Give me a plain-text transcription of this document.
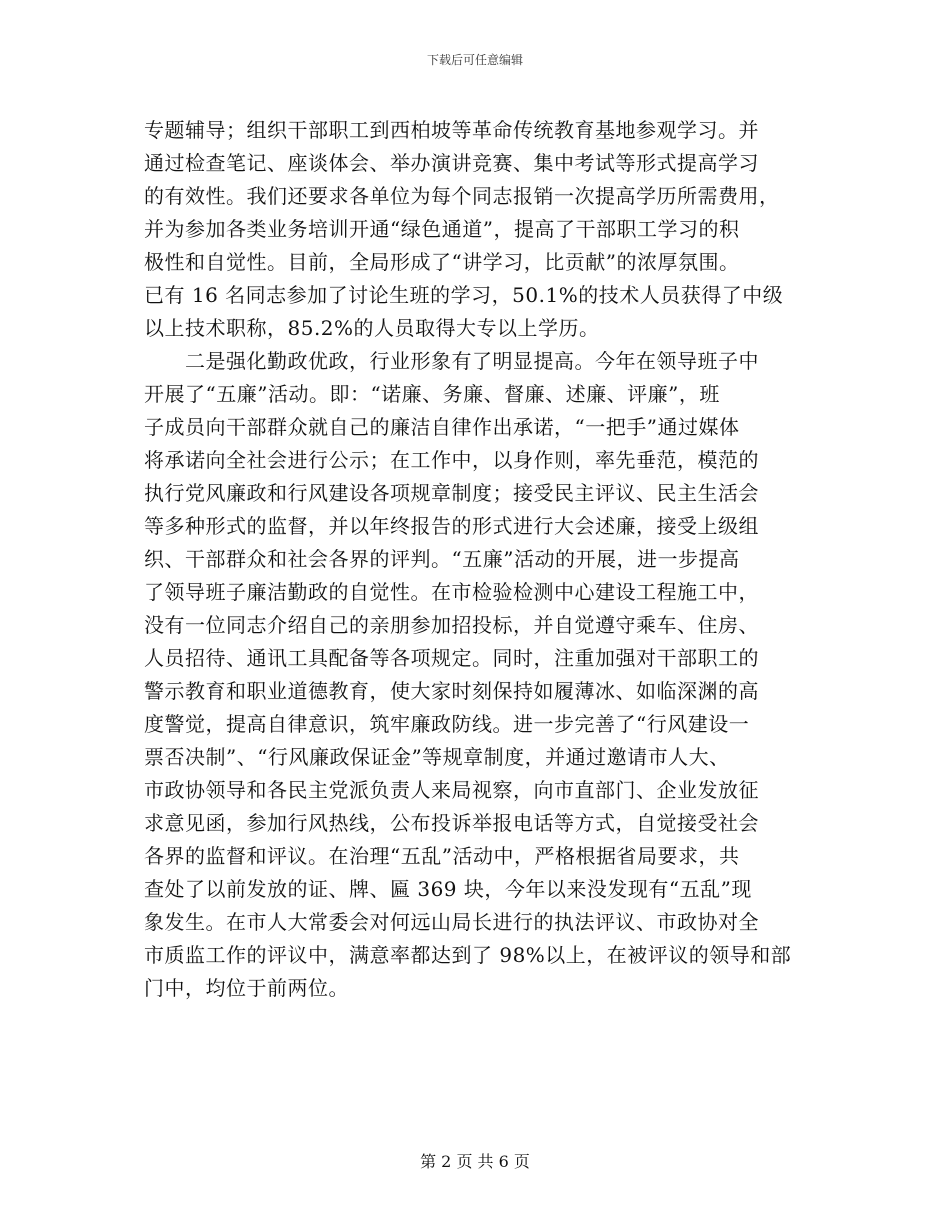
下载后可任意编辑
专题辅导；组织干部职工到西柏坡等革命传统教育基地参观学习。并
通过检查笔记、座谈体会、举办演讲竞赛、集中考试等形式提高学习
的有效性。我们还要求各单位为每个同志报销一次提高学历所需费用，
并为参加各类业务培训开通“绿色通道”，提高了干部职工学习的积
极性和自觉性。目前，全局形成了“讲学习，比贡献”的浓厚氛围。
已有 16 名同志参加了讨论生班的学习，50.1%的技术人员获得了中级
以上技术职称，85.2%的人员取得大专以上学历。
　　二是强化勤政优政，行业形象有了明显提高。今年在领导班子中
开展了“五廉”活动。即：“诺廉、务廉、督廉、述廉、评廉”，班
子成员向干部群众就自己的廉洁自律作出承诺，“一把手”通过媒体
将承诺向全社会进行公示；在工作中，以身作则，率先垂范，模范的
执行党风廉政和行风建设各项规章制度；接受民主评议、民主生活会
等多种形式的监督，并以年终报告的形式进行大会述廉，接受上级组
织、干部群众和社会各界的评判。“五廉”活动的开展，进一步提高
了领导班子廉洁勤政的自觉性。在市检验检测中心建设工程施工中，
没有一位同志介绍自己的亲朋参加招投标，并自觉遵守乘车、住房、
人员招待、通讯工具配备等各项规定。同时，注重加强对干部职工的
警示教育和职业道德教育，使大家时刻保持如履薄冰、如临深渊的高
度警觉，提高自律意识，筑牢廉政防线。进一步完善了“行风建设一
票否决制”、“行风廉政保证金”等规章制度，并通过邀请市人大、
市政协领导和各民主党派负责人来局视察，向市直部门、企业发放征
求意见函，参加行风热线，公布投诉举报电话等方式，自觉接受社会
各界的监督和评议。在治理“五乱”活动中，严格根据省局要求，共
查处了以前发放的证、牌、匾 369 块，今年以来没发现有“五乱”现
象发生。在市人大常委会对何远山局长进行的执法评议、市政协对全
市质监工作的评议中，满意率都达到了 98%以上，在被评议的领导和部
门中，均位于前两位。
第 2 页 共 6 页
